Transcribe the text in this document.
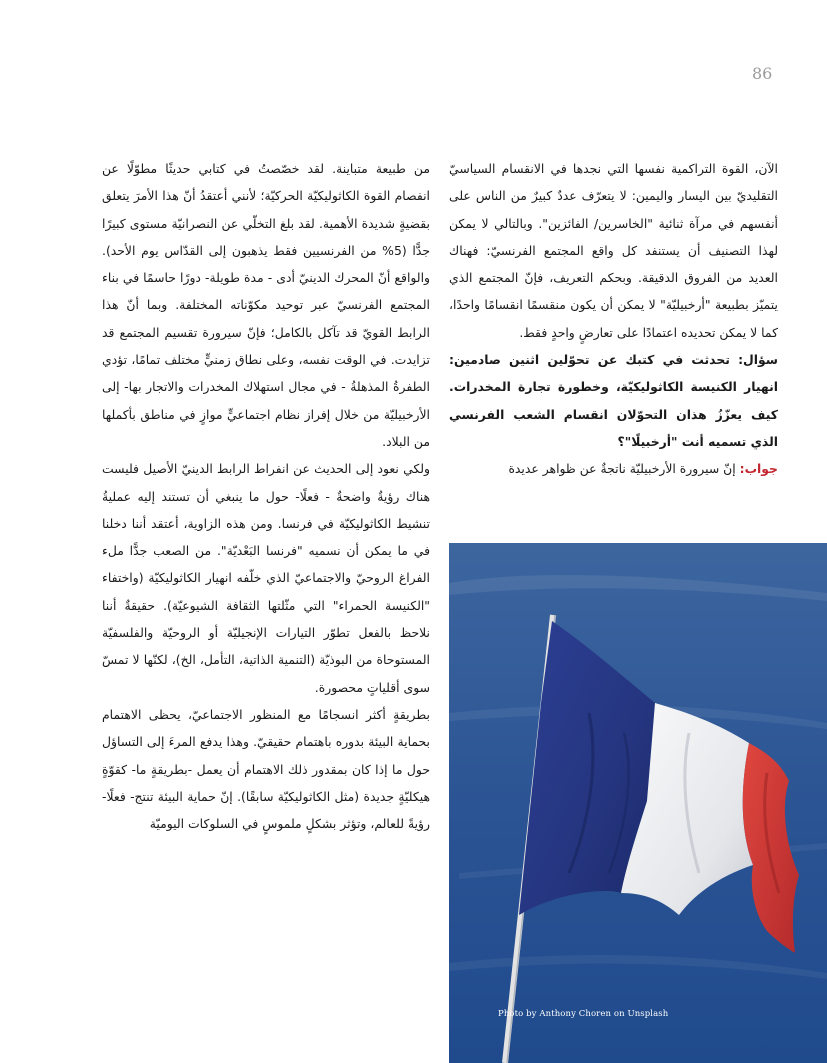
86

الآن، القوة التراكمية نفسها التي نجدها في الانقسام السياسيّ التقليديّ بين اليسار واليمين: لا يتعرّف عددٌ كبيرٌ من الناس على أنفسهم في مرآة ثنائية "الخاسرين/ الفائزين". وبالتالي لا يمكن لهذا التصنيف أن يستنفد كل واقع المجتمع الفرنسيّ: فهناك العديد من الفروق الدقيقة. وبحكم التعريف، فإنّ المجتمع الذي يتميّز بطبيعة "أرخبيليّة" لا يمكن أن يكون منقسمًا انقسامًا واحدًا، كما لا يمكن تحديده اعتمادًا على تعارضٍ واحدٍ فقط.

سؤال: تحدثت في كتبك عن تحوّلين اثنين صادمين: انهيار الكنيسة الكاثوليكيّة، وخطورة تجارة المخدرات. كيف يعزّزُ هذان التحوّلان انقسام الشعب الفرنسي الذي تسميه أنت "أرخبيلًا"؟

جواب: إنّ سيرورة الأرخبيليّة ناتجةٌ عن ظواهر عديدة

من طبيعة متباينة. لقد خصّصتُ في كتابي حديثًا مطوّلًا عن انفصام القوة الكاثوليكيّة الحركيّة؛ لأنني أعتقدُ أنّ هذا الأمرَ يتعلق بقضيةٍ شديدة الأهمية. لقد بلغ التخلّي عن النصرانيّة مستوى كبيرًا جدًّا (5% من الفرنسيين فقط يذهبون إلى القدّاس يوم الأحد). والواقع أنّ المحرك الدينيّ أدى - مدة طويلة- دورًا حاسمًا في بناء المجتمع الفرنسيّ عبر توحيد مكوّناته المختلفة. وبما أنّ هذا الرابط القويّ قد تآكل بالكامل؛ فإنّ سيرورة تقسيم المجتمع قد تزايدت. في الوقت نفسه، وعلى نطاق زمنيٍّ مختلف تمامًا، تؤدي الطفرةُ المذهلةُ - في مجال استهلاك المخدرات والاتجار بها- إلى الأرخبيليّة من خلال إفراز نظام اجتماعيٍّ موازٍ في مناطق بأكملها من البلاد.

ولكي نعود إلى الحديث عن انفراط الرابط الدينيّ الأصيل فليست هناك رؤيةٌ واضحةٌ - فعلًا- حول ما ينبغي أن تستند إليه عمليةُ تنشيط الكاثوليكيّة في فرنسا. ومن هذه الزاوية، أعتقد أننا دخلنا في ما يمكن أن نسميه "فرنسا البَعْديّة". من الصعب جدًّا ملء الفراغ الروحيّ والاجتماعيّ الذي خلّفه انهيار الكاثوليكيّة (واختفاء "الكنيسة الحمراء" التي مثّلتها الثقافة الشيوعيّة). حقيقةٌ أننا نلاحظ بالفعل تطوّر التيارات الإنجيليّة أو الروحيّة والفلسفيّة المستوحاة من البوذيّة (التنمية الذاتية، التأمل، الخ)، لكنّها لا تمسّ سوى أقلياتٍ محصورة.

بطريقةٍ أكثر انسجامًا مع المنظور الاجتماعيّ، يحظى الاهتمام بحماية البيئة بدوره باهتمام حقيقيّ. وهذا يدفع المرءَ إلى التساؤل حول ما إذا كان بمقدور ذلك الاهتمام أن يعمل -بطريقةٍ ما- كقوّةٍ هيكليّةٍ جديدة (مثل الكاثوليكيّة سابقًا). إنّ حماية البيئة تنتج- فعلًا- رؤيةً للعالم، وتؤثر بشكلٍ ملموسٍ في السلوكات اليوميّة

Photo by Anthony Choren on Unsplash
